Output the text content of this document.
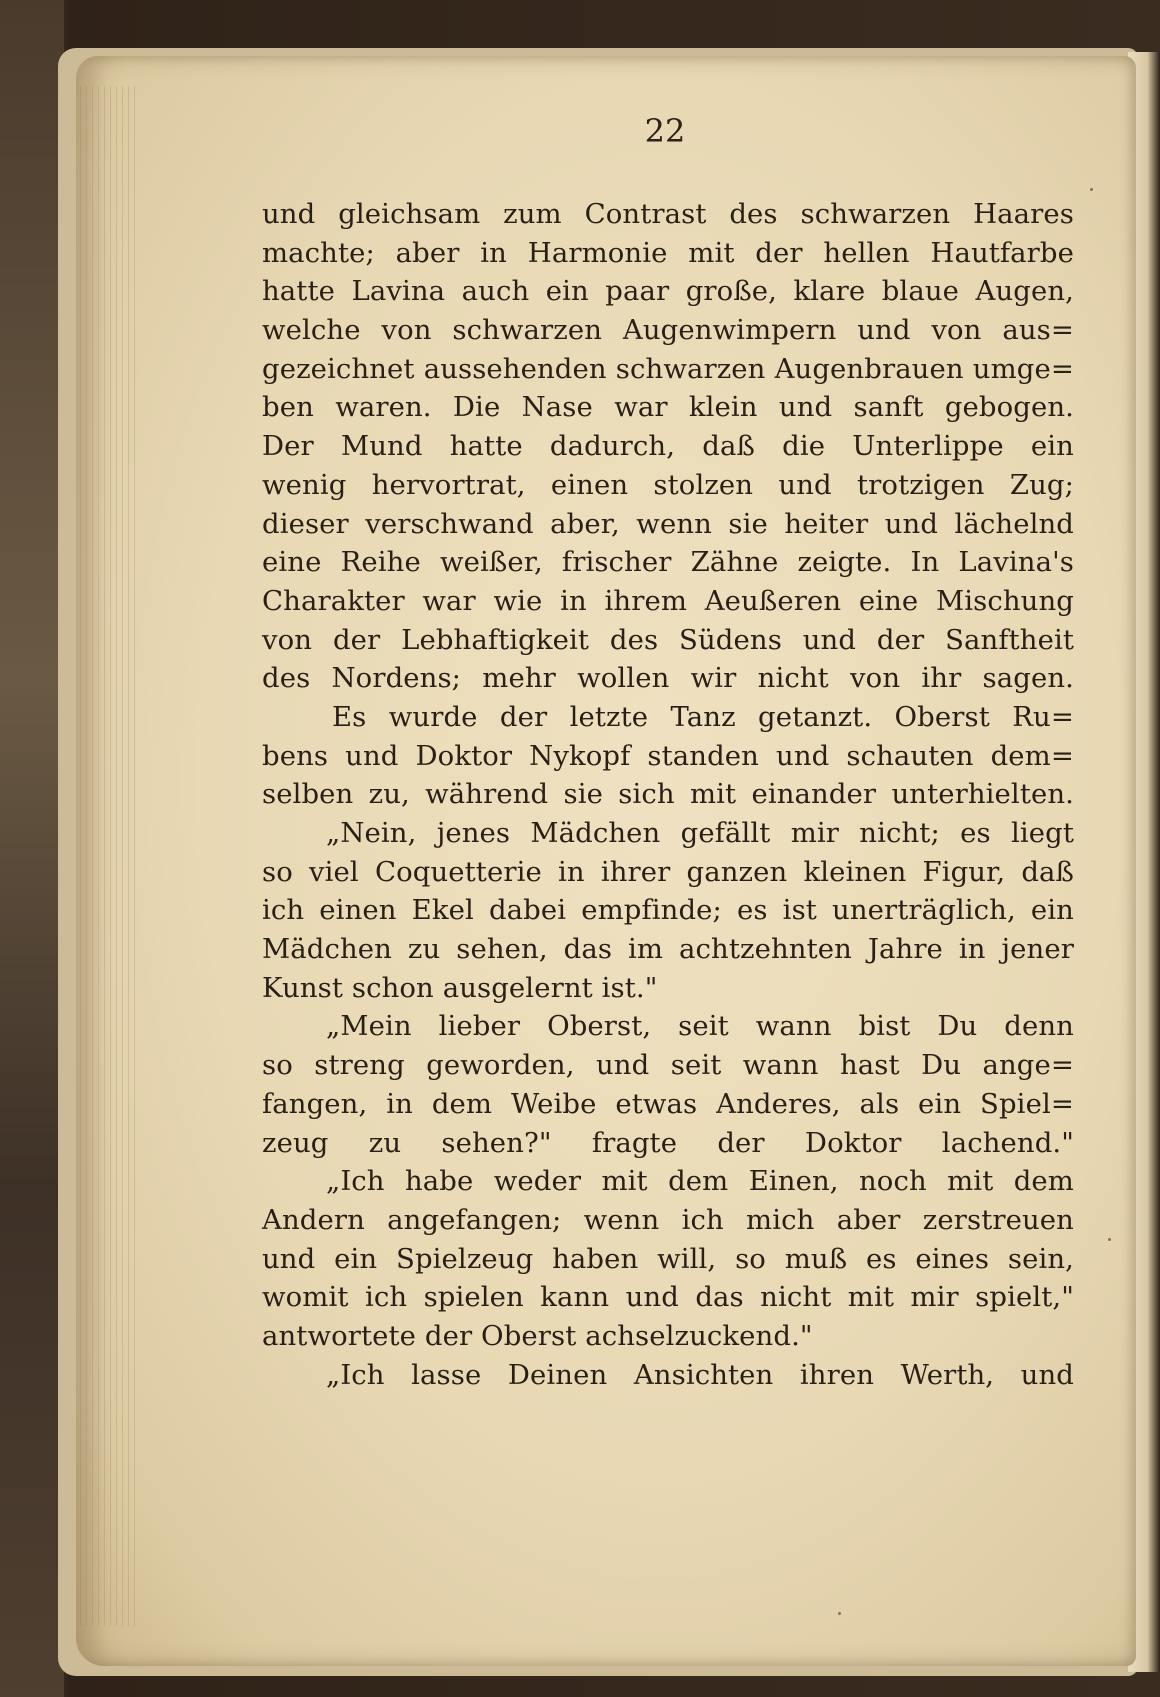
22
und gleichsam zum Contrast des schwarzen Haares
machte; aber in Harmonie mit der hellen Hautfarbe
hatte Lavina auch ein paar große, klare blaue Augen,
welche von schwarzen Augenwimpern und von aus=
gezeichnet aussehenden schwarzen Augenbrauen umge=
ben waren. Die Nase war klein und sanft gebogen.
Der Mund hatte dadurch, daß die Unterlippe ein
wenig hervortrat, einen stolzen und trotzigen Zug;
dieser verschwand aber, wenn sie heiter und lächelnd
eine Reihe weißer, frischer Zähne zeigte. In Lavina's
Charakter war wie in ihrem Aeußeren eine Mischung
von der Lebhaftigkeit des Südens und der Sanftheit
des Nordens; mehr wollen wir nicht von ihr sagen.
Es wurde der letzte Tanz getanzt. Oberst Ru=
bens und Doktor Nykopf standen und schauten dem=
selben zu, während sie sich mit einander unterhielten.
„Nein, jenes Mädchen gefällt mir nicht; es liegt
so viel Coquetterie in ihrer ganzen kleinen Figur, daß
ich einen Ekel dabei empfinde; es ist unerträglich, ein
Mädchen zu sehen, das im achtzehnten Jahre in jener
Kunst schon ausgelernt ist."
„Mein lieber Oberst, seit wann bist Du denn
so streng geworden, und seit wann hast Du ange=
fangen, in dem Weibe etwas Anderes, als ein Spiel=
zeug zu sehen?" fragte der Doktor lachend."
„Ich habe weder mit dem Einen, noch mit dem
Andern angefangen; wenn ich mich aber zerstreuen
und ein Spielzeug haben will, so muß es eines sein,
womit ich spielen kann und das nicht mit mir spielt,"
antwortete der Oberst achselzuckend."
„Ich lasse Deinen Ansichten ihren Werth, und
